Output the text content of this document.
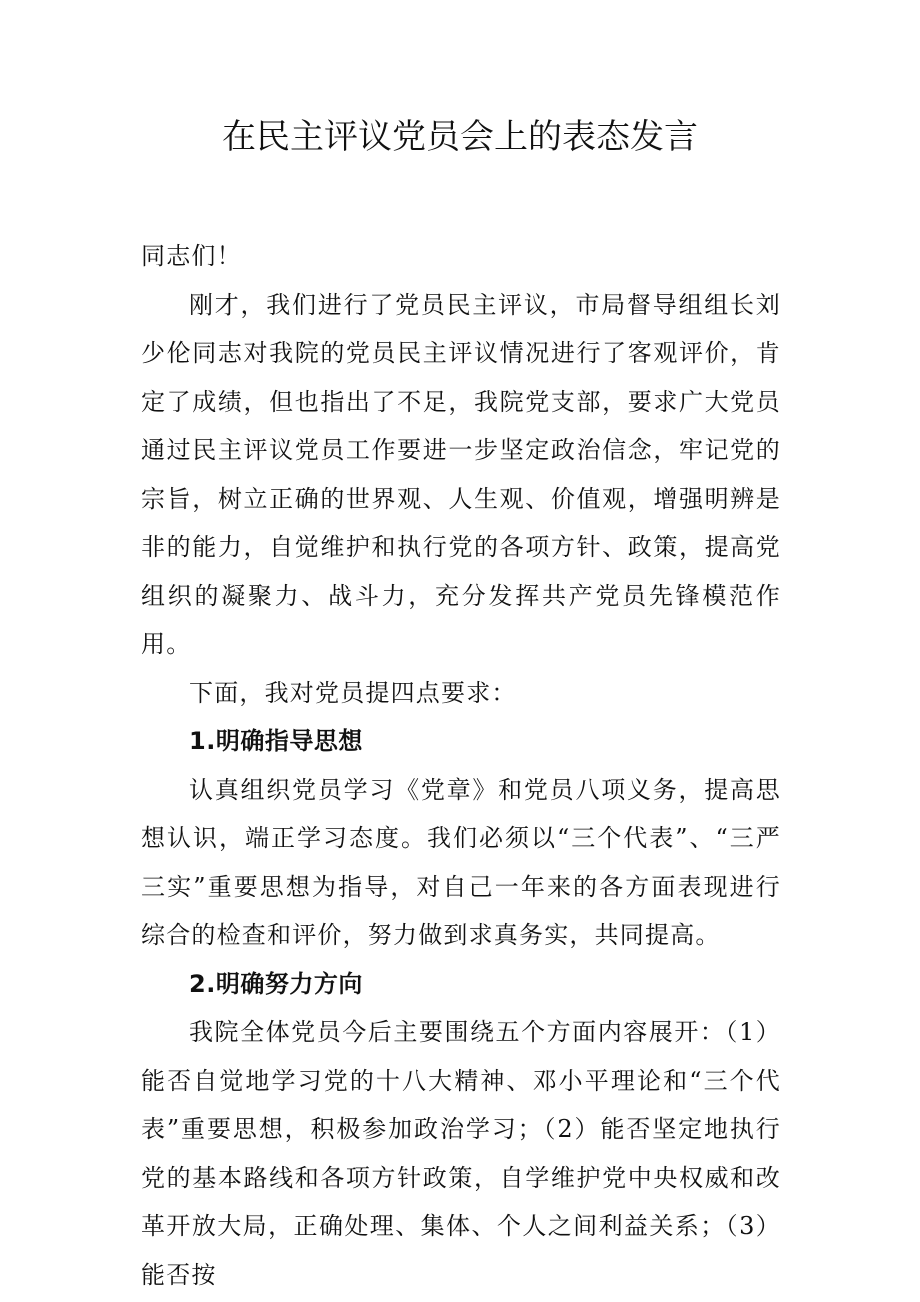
在民主评议党员会上的表态发言

同志们！

刚才，我们进行了党员民主评议，市局督导组组长刘少伦同志对我院的党员民主评议情况进行了客观评价，肯定了成绩，但也指出了不足，我院党支部，要求广大党员通过民主评议党员工作要进一步坚定政治信念，牢记党的宗旨，树立正确的世界观、人生观、价值观，增强明辨是非的能力，自觉维护和执行党的各项方针、政策，提高党组织的凝聚力、战斗力，充分发挥共产党员先锋模范作用。

下面，我对党员提四点要求：

1.明确指导思想

认真组织党员学习《党章》和党员八项义务，提高思想认识，端正学习态度。我们必须以“三个代表”、“三严三实”重要思想为指导，对自己一年来的各方面表现进行综合的检查和评价，努力做到求真务实，共同提高。

2.明确努力方向

我院全体党员今后主要围绕五个方面内容展开：（1）能否自觉地学习党的十八大精神、邓小平理论和“三个代表”重要思想，积极参加政治学习；（2）能否坚定地执行党的基本路线和各项方针政策，自学维护党中央权威和改革开放大局，正确处理、集体、个人之间利益关系；（3）能否按
